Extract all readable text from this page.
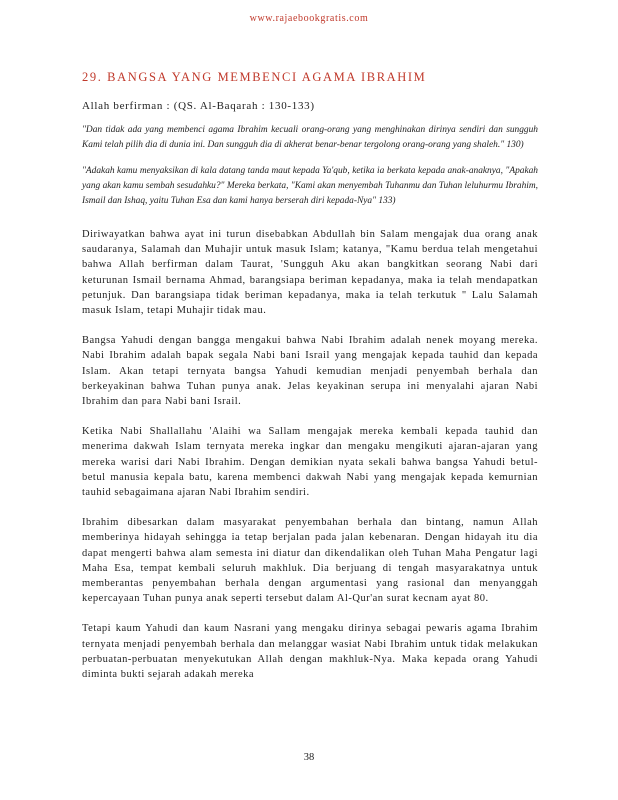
www.rajaebookgratis.com
29. BANGSA YANG MEMBENCI AGAMA IBRAHIM

Allah berfirman : (QS. Al-Baqarah : 130-133)

"Dan tidak ada yang membenci agama Ibrahim kecuali orang-orang yang menghinakan dirinya sendiri dan sungguh Kami telah pilih dia di dunia ini. Dan sungguh dia di akherat benar-benar tergolong orang-orang yang shaleh." 130)

"Adakah kamu menyaksikan di kala datang tanda maut kepada Ya'qub, ketika ia berkata kepada anak-anaknya, "Apakah yang akan kamu sembah sesudahku?" Mereka berkata, "Kami akan menyembah Tuhanmu dan Tuhan leluhurmu Ibrahim, Ismail dan Ishaq, yaitu Tuhan Esa dan kami hanya berserah diri kepada-Nya" 133)

Diriwayatkan bahwa ayat ini turun disebabkan Abdullah bin Salam mengajak dua orang anak saudaranya, Salamah dan Muhajir untuk masuk Islam; katanya, "Kamu berdua telah mengetahui bahwa Allah berfirman dalam Taurat, 'Sungguh Aku akan bangkitkan seorang Nabi dari keturunan Ismail bernama Ahmad, barangsiapa beriman kepadanya, maka ia telah mendapatkan petunjuk. Dan barangsiapa tidak beriman kepadanya, maka ia telah terkutuk " Lalu Salamah masuk Islam, tetapi Muhajir tidak mau.

Bangsa Yahudi dengan bangga mengakui bahwa Nabi Ibrahim adalah nenek moyang mereka. Nabi Ibrahim adalah bapak segala Nabi bani Israil yang mengajak kepada tauhid dan kepada Islam. Akan tetapi ternyata bangsa Yahudi kemudian menjadi penyembah berhala dan berkeyakinan bahwa Tuhan punya anak. Jelas keyakinan serupa ini menyalahi ajaran Nabi Ibrahim dan para Nabi bani Israil.

Ketika Nabi Shallallahu 'Alaihi wa Sallam mengajak mereka kembali kepada tauhid dan menerima dakwah Islam ternyata mereka ingkar dan mengaku mengikuti ajaran-ajaran yang mereka warisi dari Nabi Ibrahim. Dengan demikian nyata sekali bahwa bangsa Yahudi betul-betul manusia kepala batu, karena membenci dakwah Nabi yang mengajak kepada kemurnian tauhid sebagaimana ajaran Nabi Ibrahim sendiri.

Ibrahim dibesarkan dalam masyarakat penyembahan berhala dan bintang, namun Allah memberinya hidayah sehingga ia tetap berjalan pada jalan kebenaran. Dengan hidayah itu dia dapat mengerti bahwa alam semesta ini diatur dan dikendalikan oleh Tuhan Maha Pengatur lagi Maha Esa, tempat kembali seluruh makhluk. Dia berjuang di tengah masyarakatnya untuk memberantas penyembahan berhala dengan argumentasi yang rasional dan menyanggah kepercayaan Tuhan punya anak seperti tersebut dalam Al-Qur'an surat kecnam ayat 80.

Tetapi kaum Yahudi dan kaum Nasrani yang mengaku dirinya sebagai pewaris agama Ibrahim ternyata menjadi penyembah berhala dan melanggar wasiat Nabi Ibrahim untuk tidak melakukan perbuatan-perbuatan menyekutukan Allah dengan makhluk-Nya. Maka kepada orang Yahudi diminta bukti sejarah adakah mereka

38
